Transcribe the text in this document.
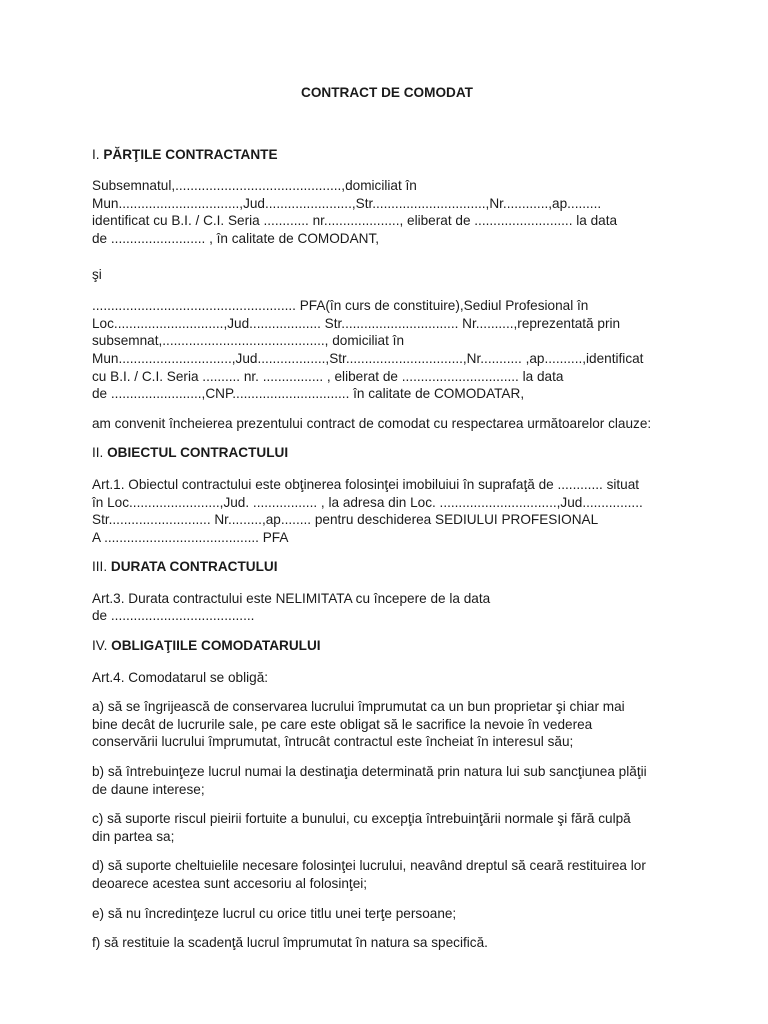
CONTRACT DE COMODAT
I. PĂRŢILE CONTRACTANTE

Subsemnatul,............................................,domiciliat în
Mun................................,Jud.......................,Str..............................,Nr............,ap.........
identificat cu B.I. / C.I. Seria ............ nr...................., eliberat de .......................... la data
de ......................... , în calitate de COMODANT,

şi

...................................................... PFA(în curs de constituire),Sediul Profesional în
Loc.............................,Jud................... Str............................... Nr..........,reprezentată prin
subsemnat,..........................................., domiciliat în
Mun..............................,Jud..................,Str...............................,Nr........... ,ap..........,identificat
cu B.I. / C.I. Seria .......... nr. ................ , eliberat de ............................... la data
de ........................,CNP............................... în calitate de COMODATAR,

am convenit încheierea prezentului contract de comodat cu respectarea următoarelor clauze:

II. OBIECTUL CONTRACTULUI

Art.1. Obiectul contractului este obţinerea folosinţei imobiluiui în suprafaţă de ............ situat
în Loc........................,Jud. ................. , la adresa din Loc. ...............................,Jud................
Str........................... Nr.........,ap........ pentru deschiderea SEDIULUI PROFESIONAL
A ......................................... PFA

III. DURATA CONTRACTULUI

Art.3. Durata contractului este NELIMITATA cu începere de la data
de ......................................

IV. OBLIGAŢIILE COMODATARULUI

Art.4. Comodatarul se obligă:

a) să se îngrijească de conservarea lucrului împrumutat ca un bun proprietar şi chiar mai
bine decât de lucrurile sale, pe care este obligat să le sacrifice la nevoie în vederea
conservării lucrului împrumutat, întrucât contractul este încheiat în interesul său;

b) să întrebuinţeze lucrul numai la destinaţia determinată prin natura lui sub sancţiunea plăţii
de daune interese;

c) să suporte riscul pieirii fortuite a bunului, cu excepţia întrebuinţării normale şi fără culpă
din partea sa;

d) să suporte cheltuielile necesare folosinţei lucrului, neavând dreptul să ceară restituirea lor
deoarece acestea sunt accesoriu al folosinţei;

e) să nu încredinţeze lucrul cu orice titlu unei terţe persoane;

f) să restituie la scadenţă lucrul împrumutat în natura sa specifică.
